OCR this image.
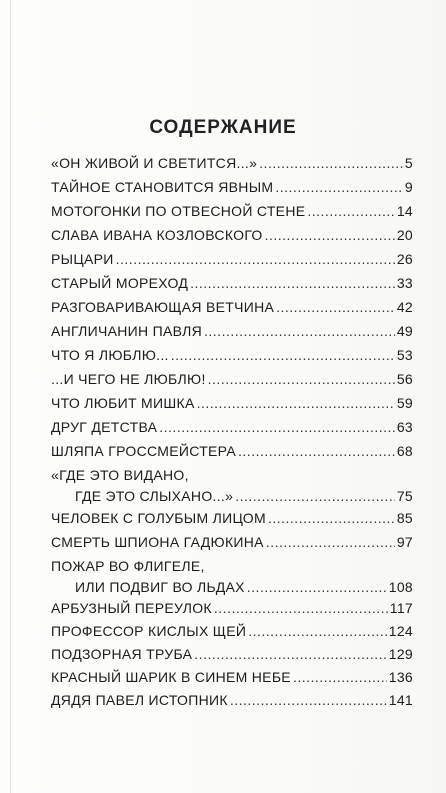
СОДЕРЖАНИЕ
«ОН ЖИВОЙ И СВЕТИТСЯ...» .....	5
ТАЙНОЕ СТАНОВИТСЯ ЯВНЫМ .....	9
МОТОГОНКИ ПО ОТВЕСНОЙ СТЕНЕ .....	14
СЛАВА ИВАНА КОЗЛОВСКОГО .....	20
РЫЦАРИ .....	26
СТАРЫЙ МОРЕХОД .....	33
РАЗГОВАРИВАЮЩАЯ ВЕТЧИНА .....	42
АНГЛИЧАНИН ПАВЛЯ .....	49
ЧТО Я ЛЮБЛЮ... .....	53
...И ЧЕГО НЕ ЛЮБЛЮ! .....	56
ЧТО ЛЮБИТ МИШКА .....	59
ДРУГ ДЕТСТВА .....	63
ШЛЯПА ГРОССМЕЙСТЕРА .....	68
«ГДЕ ЭТО ВИДАНО,
ГДЕ ЭТО СЛЫХАНО...» .....	75
ЧЕЛОВЕК С ГОЛУБЫМ ЛИЦОМ .....	85
СМЕРТЬ ШПИОНА ГАДЮКИНА .....	97
ПОЖАР ВО ФЛИГЕЛЕ,
ИЛИ ПОДВИГ ВО ЛЬДАХ .....	108
АРБУЗНЫЙ ПЕРЕУЛОК .....	117
ПРОФЕССОР КИСЛЫХ ЩЕЙ .....	124
ПОДЗОРНАЯ ТРУБА .....	129
КРАСНЫЙ ШАРИК В СИНЕМ НЕБЕ .....	136
ДЯДЯ ПАВЕЛ ИСТОПНИК .....	141
